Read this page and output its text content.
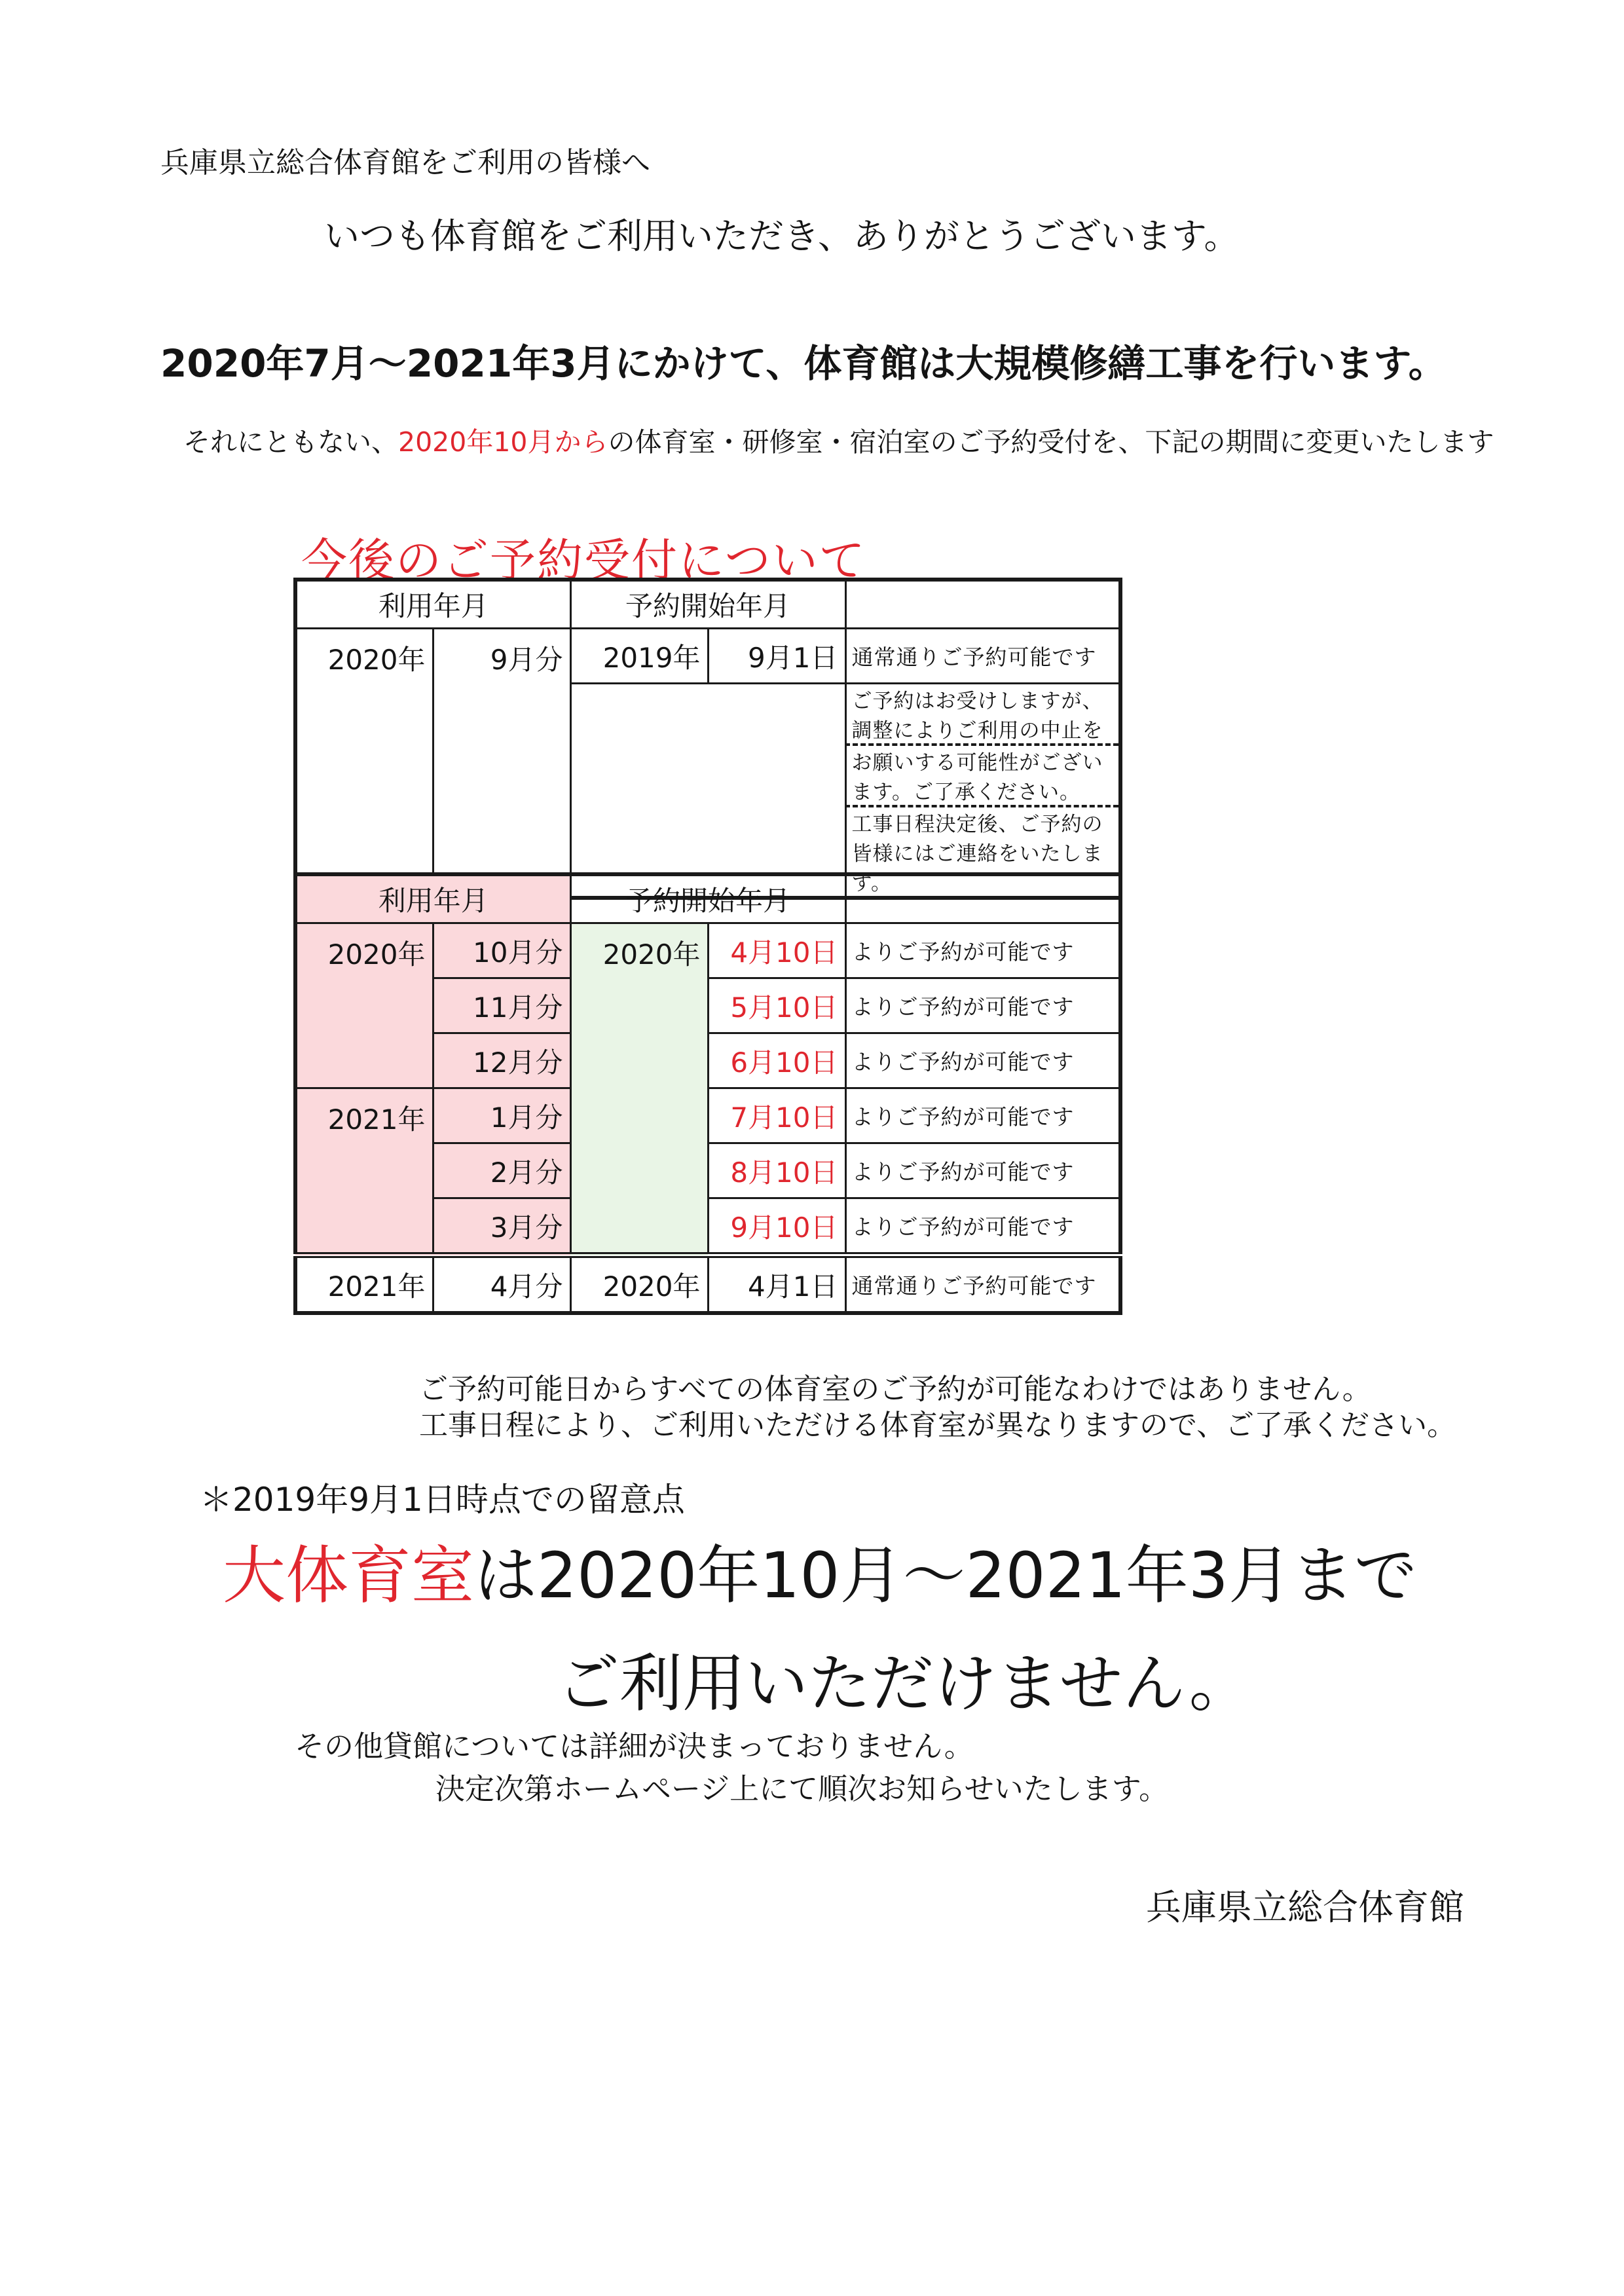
兵庫県立総合体育館をご利用の皆様へ
いつも体育館をご利用いただき、ありがとうございます。
2020年7月～2021年3月にかけて、体育館は大規模修繕工事を行います。
それにともない、2020年10月からの体育室・研修室・宿泊室のご予約受付を、下記の期間に変更いたします
今後のご予約受付について
利用年月		予約開始年月		
2020年	9月分	2019年	9月1日	通常通りご予約可能です
				ご予約はお受けしますが、調整によりご利用の中止を
				お願いする可能性がございます。ご了承ください。
				工事日程決定後、ご予約の皆様にはご連絡をいたします。
利用年月		予約開始年月		
2020年	10月分	2020年	4月10日	よりご予約が可能です
	11月分		5月10日	よりご予約が可能です
	12月分		6月10日	よりご予約が可能です
2021年	1月分		7月10日	よりご予約が可能です
	2月分		8月10日	よりご予約が可能です
	3月分		9月10日	よりご予約が可能です
2021年	4月分	2020年	4月1日	通常通りご予約可能です
ご予約可能日からすべての体育室のご予約が可能なわけではありません。
工事日程により、ご利用いただける体育室が異なりますので、ご了承ください。
＊2019年9月1日時点での留意点
大体育室は2020年10月～2021年3月まで
ご利用いただけません。
その他貸館については詳細が決まっておりません。
決定次第ホームページ上にて順次お知らせいたします。
兵庫県立総合体育館
